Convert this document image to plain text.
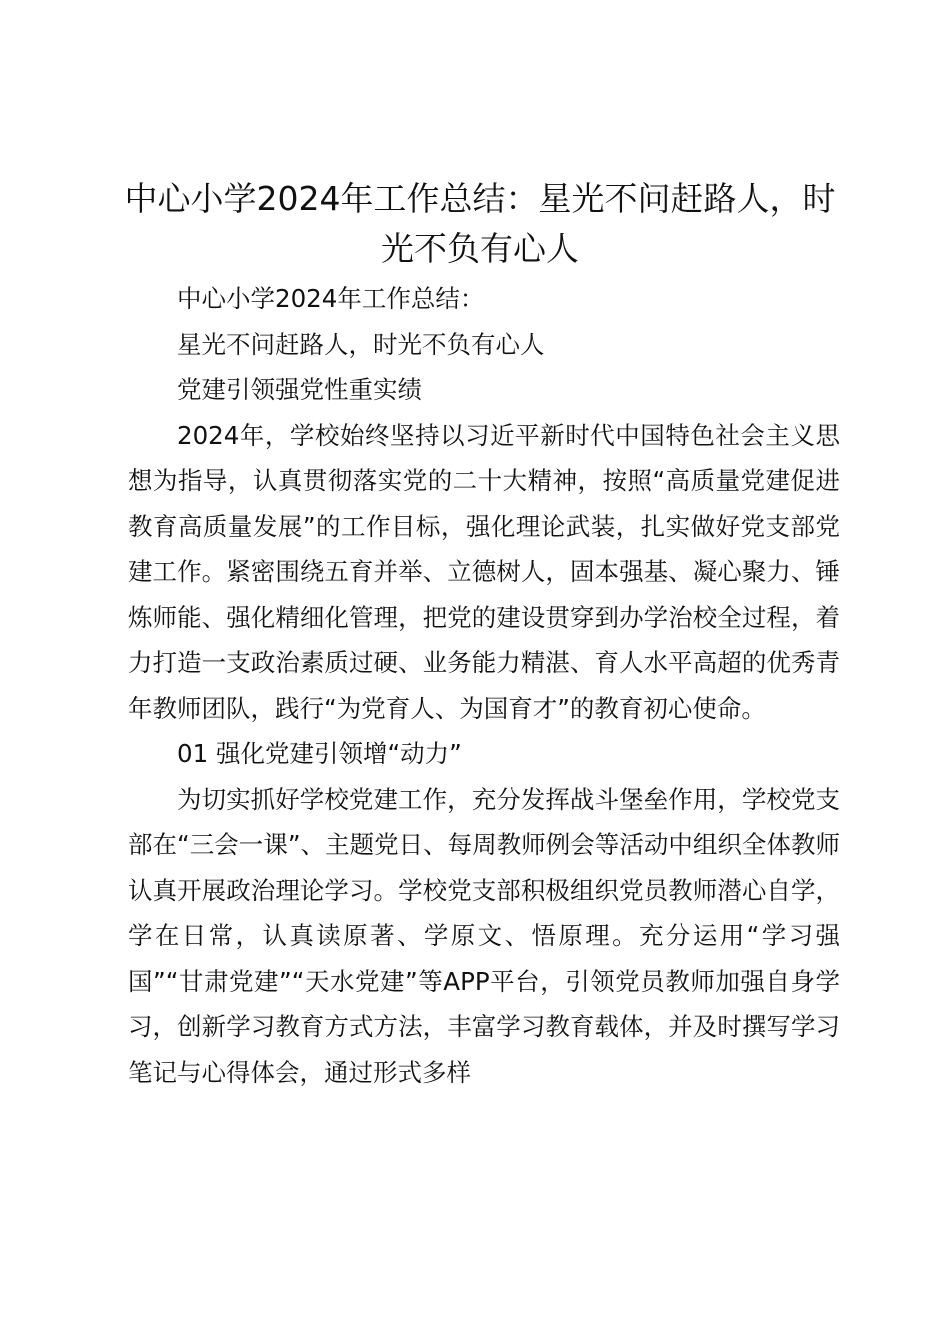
中心小学2024年工作总结：星光不问赶路人，时光不负有心人

中心小学2024年工作总结：

星光不问赶路人，时光不负有心人

党建引领强党性重实绩

2024年，学校始终坚持以习近平新时代中国特色社会主义思想为指导，认真贯彻落实党的二十大精神，按照“高质量党建促进教育高质量发展”的工作目标，强化理论武装，扎实做好党支部党建工作。紧密围绕五育并举、立德树人，固本强基、凝心聚力、锤炼师能、强化精细化管理，把党的建设贯穿到办学治校全过程，着力打造一支政治素质过硬、业务能力精湛、育人水平高超的优秀青年教师团队，践行“为党育人、为国育才”的教育初心使命。

01 强化党建引领增“动力”

为切实抓好学校党建工作，充分发挥战斗堡垒作用，学校党支部在“三会一课”、主题党日、每周教师例会等活动中组织全体教师认真开展政治理论学习。学校党支部积极组织党员教师潜心自学，学在日常，认真读原著、学原文、悟原理。充分运用“学习强国”“甘肃党建”“天水党建”等APP平台，引领党员教师加强自身学习，创新学习教育方式方法，丰富学习教育载体，并及时撰写学习笔记与心得体会，通过形式多样
